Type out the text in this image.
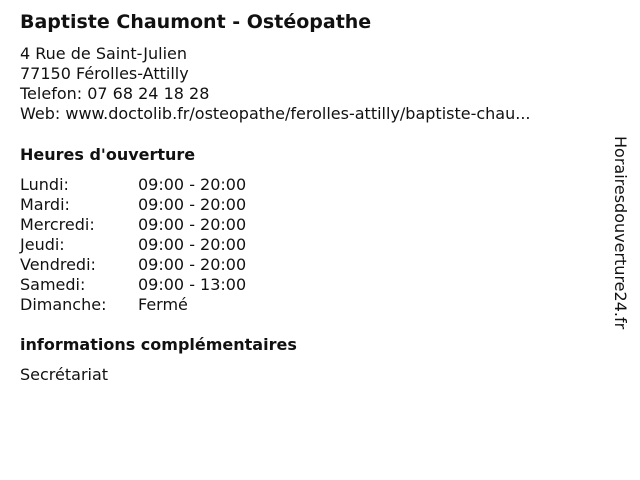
Baptiste Chaumont - Ostéopathe
4 Rue de Saint-Julien
77150 Férolles-Attilly
Telefon: 07 68 24 18 28
Web: www.doctolib.fr/osteopathe/ferolles-attilly/baptiste-chau...
Heures d'ouverture
Lundi:	09:00 - 20:00
Mardi:	09:00 - 20:00
Mercredi:	09:00 - 20:00
Jeudi:	09:00 - 20:00
Vendredi:	09:00 - 20:00
Samedi:	09:00 - 13:00
Dimanche:	Fermé
informations complémentaires
Secrétariat
Horairesdouverture24.fr
